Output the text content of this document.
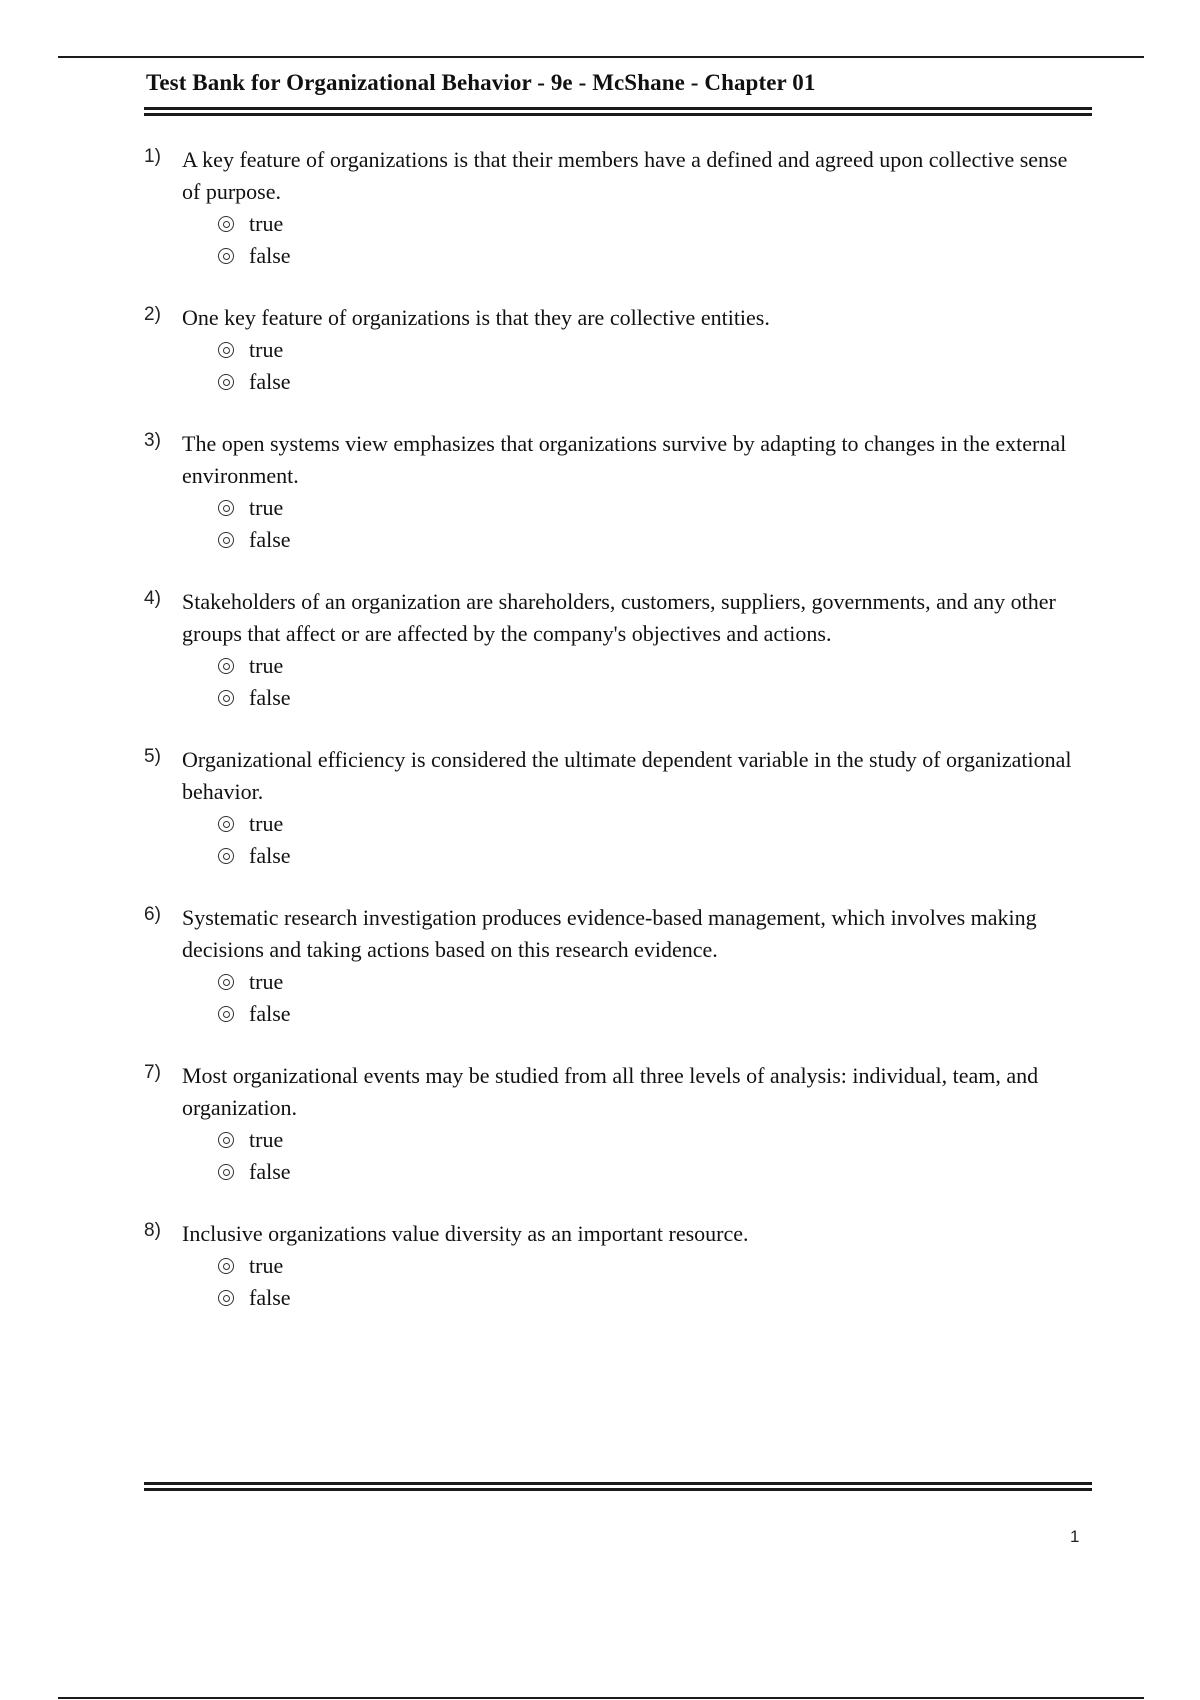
Test Bank for Organizational Behavior - 9e - McShane - Chapter 01
1) A key feature of organizations is that their members have a defined and agreed upon collective sense of purpose.
true
false
2) One key feature of organizations is that they are collective entities.
true
false
3) The open systems view emphasizes that organizations survive by adapting to changes in the external environment.
true
false
4) Stakeholders of an organization are shareholders, customers, suppliers, governments, and any other groups that affect or are affected by the company's objectives and actions.
true
false
5) Organizational efficiency is considered the ultimate dependent variable in the study of organizational behavior.
true
false
6) Systematic research investigation produces evidence-based management, which involves making decisions and taking actions based on this research evidence.
true
false
7) Most organizational events may be studied from all three levels of analysis: individual, team, and organization.
true
false
8) Inclusive organizations value diversity as an important resource.
true
false
1
